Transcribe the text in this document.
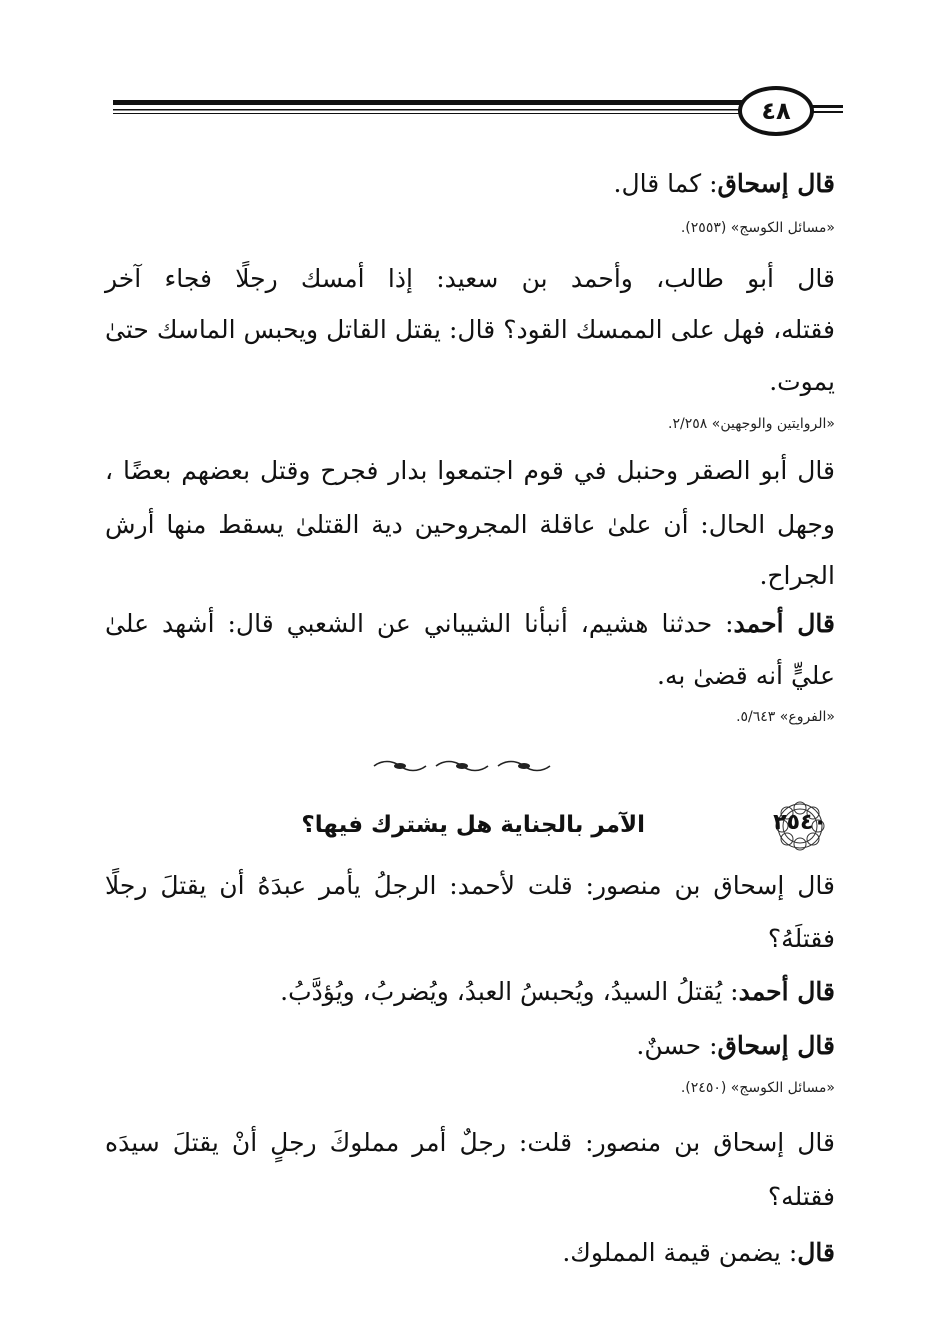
٤٨
قال إسحاق: كما قال.
«مسائل الكوسج» (٢٥٥٣).
قال أبو طالب، وأحمد بن سعيد: إذا أمسك رجلًا فجاء آخر
فقتله، فهل على الممسك القود؟ قال: يقتل القاتل ويحبس الماسك حتىٰ
يموت.
«الروايتين والوجهين» ٢/٢٥٨.
قال أبو الصقر وحنبل في قوم اجتمعوا بدار فجرح وقتل بعضهم بعضًا ،
وجهل الحال: أن علىٰ عاقلة المجروحين دية القتلىٰ يسقط منها أرش
الجراح.
قال أحمد: حدثنا هشيم، أنبأنا الشيباني عن الشعبي قال: أشهد علىٰ
عليٍّ أنه قضىٰ به.
«الفروع» ٥/٦٤٣.
٢٥٤٠
الآمر بالجناية هل يشترك فيها؟
قال إسحاق بن منصور: قلت لأحمد: الرجلُ يأمر عبدَهُ أن يقتلَ رجلًا
فقتلَهُ؟
قال أحمد: يُقتلُ السيدُ، ويُحبسُ العبدُ، ويُضربُ، ويُؤدَّبُ.
قال إسحاق: حسنٌ.
«مسائل الكوسج» (٢٤٥٠).
قال إسحاق بن منصور: قلت: رجلٌ أمر مملوكَ رجلٍ أنْ يقتلَ سيدَه
فقتله؟
قال: يضمن قيمة المملوك.
